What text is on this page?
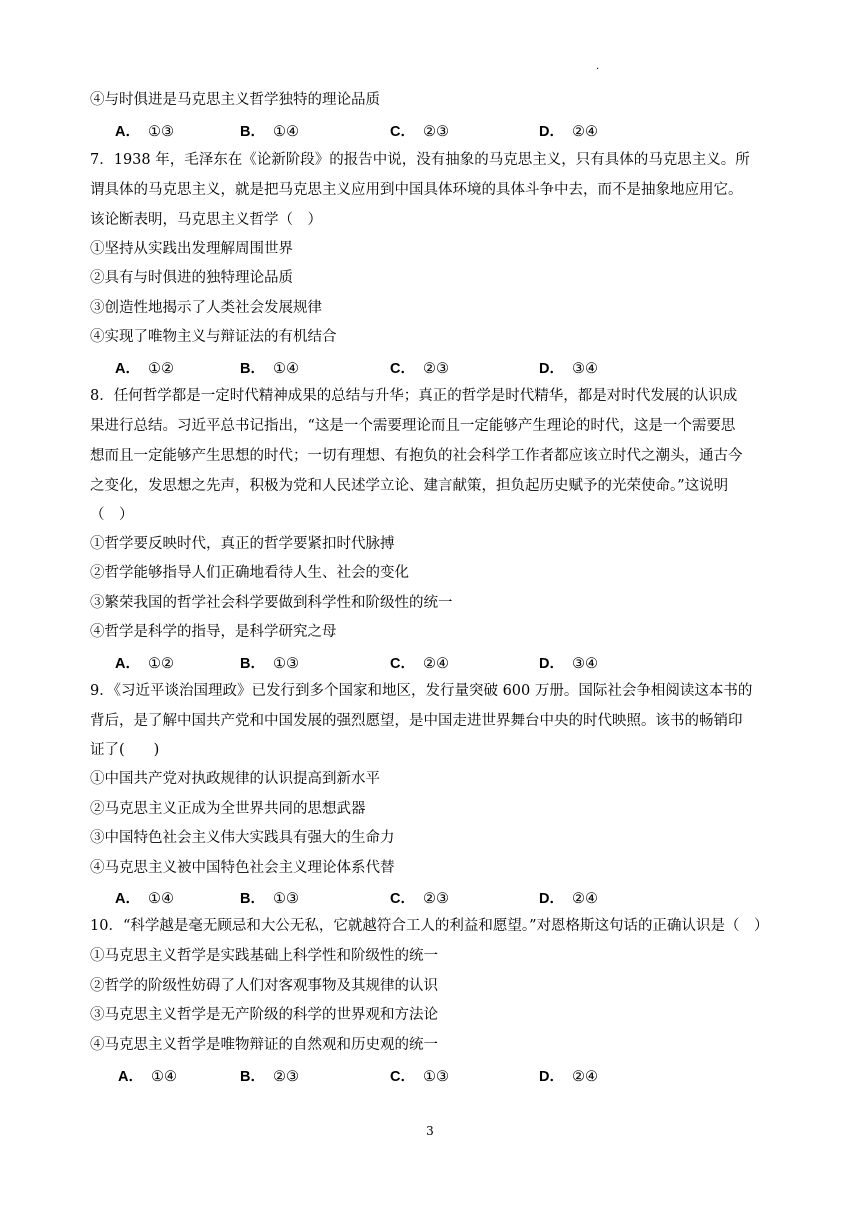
·
④与时俱进是马克思主义哲学独特的理论品质
A． ①③	B． ①④	C． ②③	D． ②④
7．1938 年，毛泽东在《论新阶段》的报告中说，没有抽象的马克思主义，只有具体的马克思主义。所
谓具体的马克思主义，就是把马克思主义应用到中国具体环境的具体斗争中去，而不是抽象地应用它。
该论断表明，马克思主义哲学（　）
①坚持从实践出发理解周围世界
②具有与时俱进的独特理论品质
③创造性地揭示了人类社会发展规律
④实现了唯物主义与辩证法的有机结合
A． ①②	B． ①④	C． ②③	D． ③④
8．任何哲学都是一定时代精神成果的总结与升华；真正的哲学是时代精华，都是对时代发展的认识成
果进行总结。习近平总书记指出，“这是一个需要理论而且一定能够产生理论的时代，这是一个需要思
想而且一定能够产生思想的时代；一切有理想、有抱负的社会科学工作者都应该立时代之潮头，通古今
之变化，发思想之先声，积极为党和人民述学立论、建言献策，担负起历史赋予的光荣使命。”这说明
（　）
①哲学要反映时代，真正的哲学要紧扣时代脉搏
②哲学能够指导人们正确地看待人生、社会的变化
③繁荣我国的哲学社会科学要做到科学性和阶级性的统一
④哲学是科学的指导，是科学研究之母
A． ①②	B． ①③	C． ②④	D． ③④
9．《习近平谈治国理政》已发行到多个国家和地区，发行量突破 600 万册。国际社会争相阅读这本书的
背后，是了解中国共产党和中国发展的强烈愿望，是中国走进世界舞台中央的时代映照。该书的畅销印
证了(　　)
①中国共产党对执政规律的认识提高到新水平
②马克思主义正成为全世界共同的思想武器
③中国特色社会主义伟大实践具有强大的生命力
④马克思主义被中国特色社会主义理论体系代替
A． ①④	B． ①③	C． ②③	D． ②④
10．“科学越是毫无顾忌和大公无私，它就越符合工人的利益和愿望。”对恩格斯这句话的正确认识是（　）
①马克思主义哲学是实践基础上科学性和阶级性的统一
②哲学的阶级性妨碍了人们对客观事物及其规律的认识
③马克思主义哲学是无产阶级的科学的世界观和方法论
④马克思主义哲学是唯物辩证的自然观和历史观的统一
A． ①④	B． ②③	C． ①③	D． ②④
3
